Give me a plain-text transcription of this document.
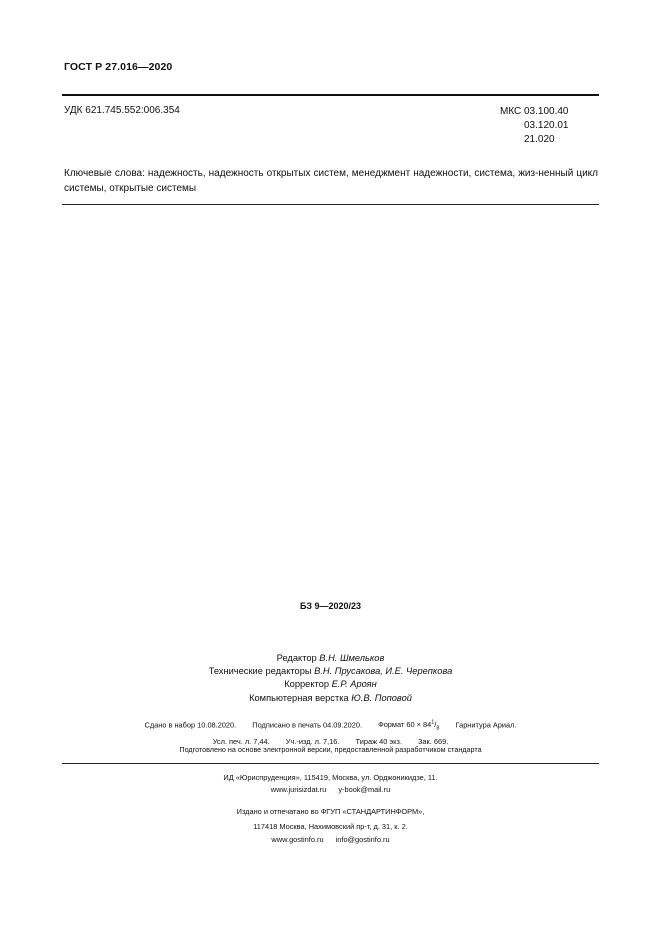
ГОСТ Р 27.016—2020
УДК 621.745.552:006.354	МКС 03.100.40
03.120.01
21.020
Ключевые слова: надежность, надежность открытых систем, менеджмент надежности, система, жиз-ненный цикл системы, открытые системы
БЗ 9—2020/23
Редактор В.Н. Шмельков
Технические редакторы В.Н. Прусакова, И.Е. Черепкова
Корректор Е.Р. Ароян
Компьютерная верстка Ю.В. Поповой
Сдано в набор 10.08.2020. Подписано в печать 04.09.2020. Формат $60 \times 84^1/_8$ Гарнитура Ариал.
Усл. печ. л. 7,44. Уч.-изд. л. 7,16. Тираж 40 экз. Зак. 669.
Подготовлено на основе электронной версии, предоставленной разработчиком стандарта
ИД «Юриспруденция», 115419, Москва, ул. Орджоникидзе, 11.
www.jurisizdat.ru y-book@mail.ru
Издано и отпечатано во ФГУП «СТАНДАРТИНФОРМ»,
117418 Москва, Нахимовский пр-т, д. 31, к. 2.
www.gostinfo.ru info@gostinfo.ru
